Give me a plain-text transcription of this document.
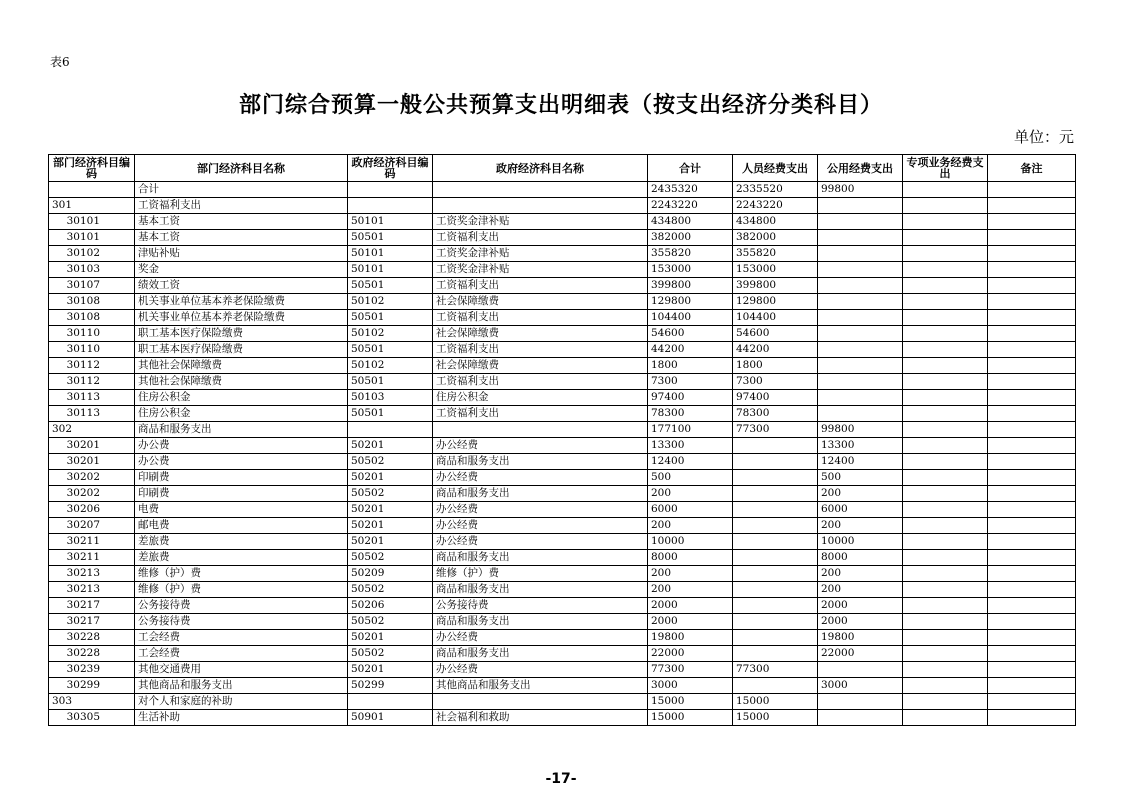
表6
部门综合预算一般公共预算支出明细表（按支出经济分类科目）
单位：元
部门经济科目编码	部门经济科目名称	政府经济科目编码	政府经济科目名称	合计	人员经费支出	公用经费支出	专项业务经费支出	备注
	合计			2435320	2335520	99800		
301	工资福利支出			2243220	2243220			
30101	基本工资	50101	工资奖金津补贴	434800	434800			
30101	基本工资	50501	工资福利支出	382000	382000			
30102	津贴补贴	50101	工资奖金津补贴	355820	355820			
30103	奖金	50101	工资奖金津补贴	153000	153000			
30107	绩效工资	50501	工资福利支出	399800	399800			
30108	机关事业单位基本养老保险缴费	50102	社会保障缴费	129800	129800			
30108	机关事业单位基本养老保险缴费	50501	工资福利支出	104400	104400			
30110	职工基本医疗保险缴费	50102	社会保障缴费	54600	54600			
30110	职工基本医疗保险缴费	50501	工资福利支出	44200	44200			
30112	其他社会保障缴费	50102	社会保障缴费	1800	1800			
30112	其他社会保障缴费	50501	工资福利支出	7300	7300			
30113	住房公积金	50103	住房公积金	97400	97400			
30113	住房公积金	50501	工资福利支出	78300	78300			
302	商品和服务支出			177100	77300	99800		
30201	办公费	50201	办公经费	13300		13300		
30201	办公费	50502	商品和服务支出	12400		12400		
30202	印刷费	50201	办公经费	500		500		
30202	印刷费	50502	商品和服务支出	200		200		
30206	电费	50201	办公经费	6000		6000		
30207	邮电费	50201	办公经费	200		200		
30211	差旅费	50201	办公经费	10000		10000		
30211	差旅费	50502	商品和服务支出	8000		8000		
30213	维修（护）费	50209	维修（护）费	200		200		
30213	维修（护）费	50502	商品和服务支出	200		200		
30217	公务接待费	50206	公务接待费	2000		2000		
30217	公务接待费	50502	商品和服务支出	2000		2000		
30228	工会经费	50201	办公经费	19800		19800		
30228	工会经费	50502	商品和服务支出	22000		22000		
30239	其他交通费用	50201	办公经费	77300	77300			
30299	其他商品和服务支出	50299	其他商品和服务支出	3000		3000		
303	对个人和家庭的补助			15000	15000			
30305	生活补助	50901	社会福利和救助	15000	15000			
-17-
